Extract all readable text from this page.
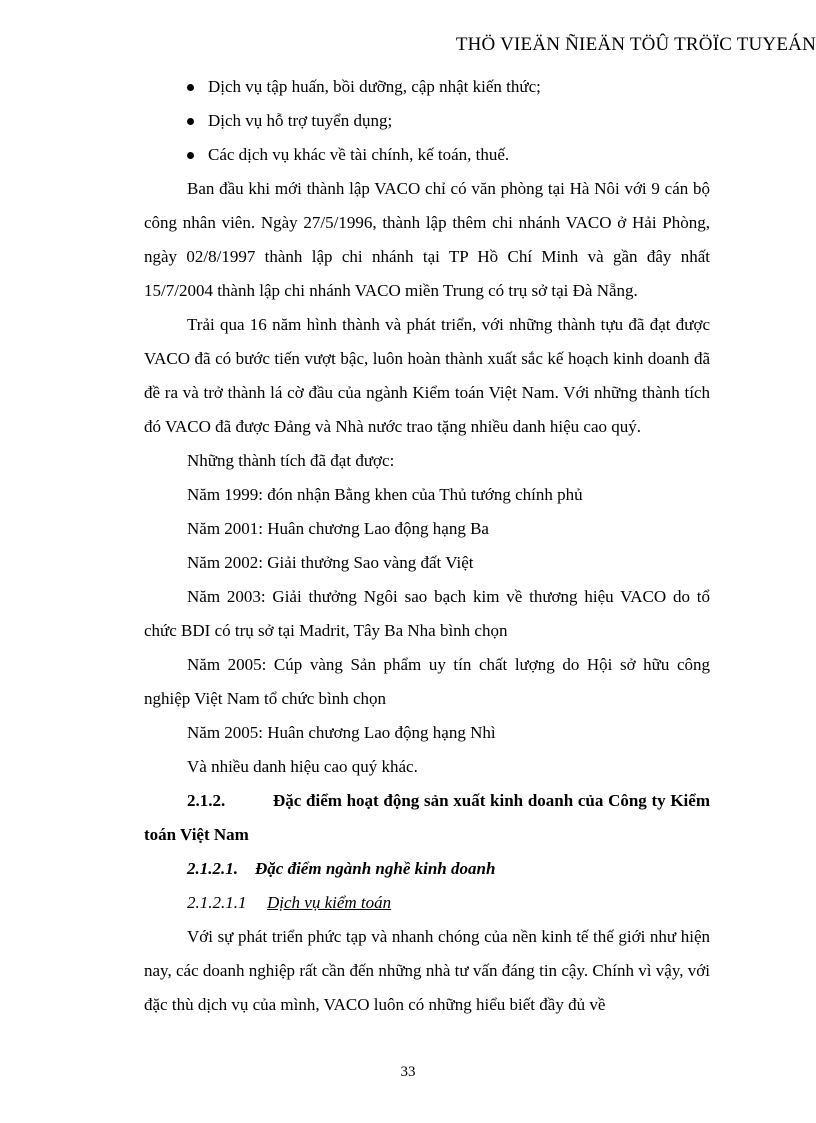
THÖ VIEÄN ÑIEÄN TÖÛ TRÖÏC TUYEÁN
Dịch vụ tập huấn, bồi dưỡng, cập nhật kiến thức;
Dịch vụ hỗ trợ tuyển dụng;
Các dịch vụ khác về tài chính, kế toán, thuế.

Ban đầu khi mới thành lập VACO chỉ có văn phòng tại Hà Nôi với 9 cán bộ công nhân viên. Ngày 27/5/1996, thành lập thêm chi nhánh VACO ở Hải Phòng, ngày 02/8/1997 thành lập chi nhánh tại TP Hồ Chí Minh và gần đây nhất 15/7/2004 thành lập chi nhánh VACO miền Trung có trụ sở tại Đà Nẵng.

Trải qua 16 năm hình thành và phát triển, với những thành tựu đã đạt được VACO đã có bước tiến vượt bậc, luôn hoàn thành xuất sắc kế hoạch kinh doanh đã đề ra và trở thành lá cờ đầu của ngành Kiểm toán Việt Nam. Với những thành tích đó VACO đã được Đảng và Nhà nước trao tặng nhiều danh hiệu cao quý.

Những thành tích đã đạt được:

Năm 1999: đón nhận Bằng khen của Thủ tướng chính phủ

Năm 2001: Huân chương Lao động hạng Ba

Năm 2002: Giải thưởng Sao vàng đất Việt

Năm 2003: Giải thưởng Ngôi sao bạch kim về thương hiệu VACO do tổ chức BDI có trụ sở tại Madrit, Tây Ba Nha bình chọn

Năm 2005: Cúp vàng Sản phẩm uy tín chất lượng do Hội sở hữu công nghiệp Việt Nam tổ chức bình chọn

Năm 2005: Huân chương Lao động hạng Nhì

Và nhiều danh hiệu cao quý khác.

2.1.2.	Đặc điểm hoạt động sản xuất kinh doanh của Công ty Kiểm toán Việt Nam
2.1.2.1. Đặc điểm ngành nghề kinh doanh
2.1.2.1.1 Dịch vụ kiểm toán

Với sự phát triển phức tạp và nhanh chóng của nền kinh tế thế giới như hiện nay, các doanh nghiệp rất cần đến những nhà tư vấn đáng tin cậy. Chính vì vậy, với đặc thù dịch vụ của mình, VACO luôn có những hiểu biết đầy đủ về

33
